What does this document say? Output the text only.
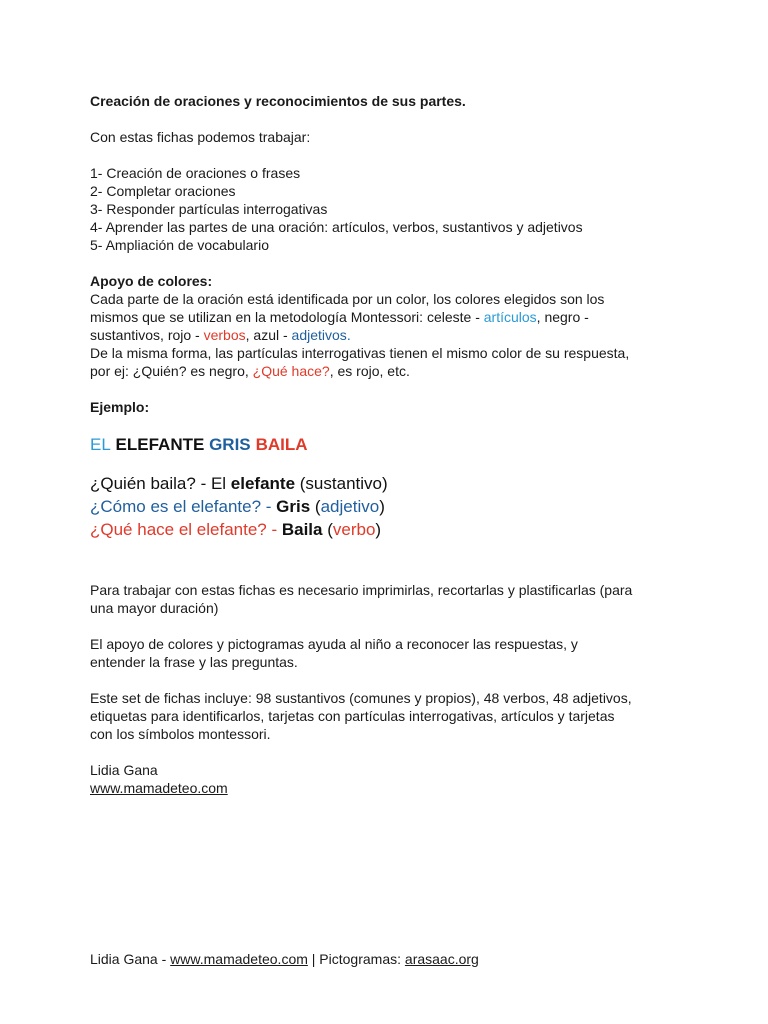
Creación de oraciones y reconocimientos de sus partes.

Con estas fichas podemos trabajar:

1- Creación de oraciones o frases

2- Completar oraciones

3- Responder partículas interrogativas

4- Aprender las partes de una oración: artículos, verbos, sustantivos y adjetivos

5- Ampliación de vocabulario

Apoyo de colores:

Cada parte de la oración está identificada por un color, los colores elegidos son los

mismos que se utilizan en la metodología Montessori: celeste - artículos, negro -

sustantivos, rojo - verbos, azul - adjetivos.

De la misma forma, las partículas interrogativas tienen el mismo color de su respuesta,

por ej: ¿Quién? es negro, ¿Qué hace?, es rojo, etc.

Ejemplo:

EL ELEFANTE GRIS BAILA

¿Quién baila? - El elefante (sustantivo)

¿Cómo es el elefante? - Gris (adjetivo)

¿Qué hace el elefante? - Baila (verbo)

Para trabajar con estas fichas es necesario imprimirlas, recortarlas y plastificarlas (para

una mayor duración)

El apoyo de colores y pictogramas ayuda al niño a reconocer las respuestas, y

entender la frase y las preguntas.

Este set de fichas incluye: 98 sustantivos (comunes y propios), 48 verbos, 48 adjetivos,

etiquetas para identificarlos, tarjetas con partículas interrogativas, artículos y tarjetas

con los símbolos montessori.

Lidia Gana

www.mamadeteo.com

Lidia Gana - www.mamadeteo.com | Pictogramas: arasaac.org
